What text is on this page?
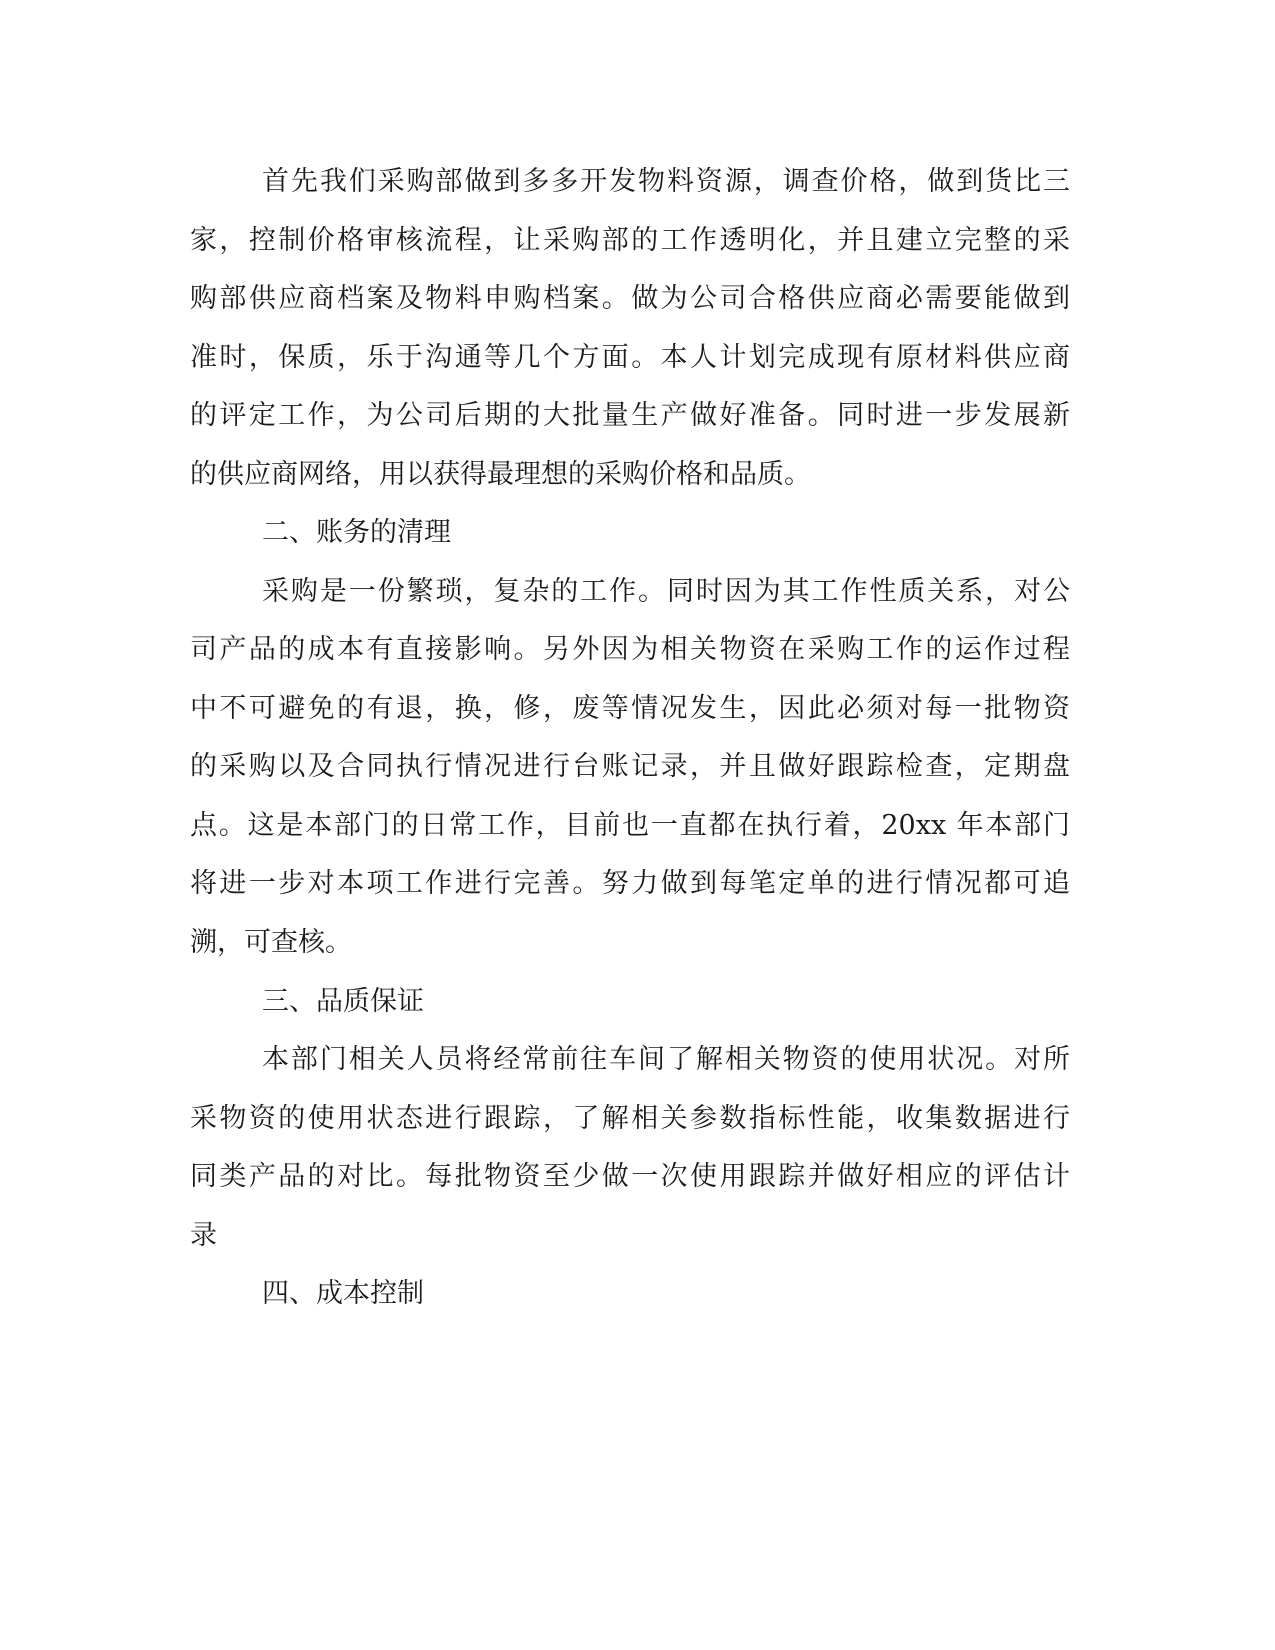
首先我们采购部做到多多开发物料资源，调查价格，做到货比三
家，控制价格审核流程，让采购部的工作透明化，并且建立完整的采
购部供应商档案及物料申购档案。做为公司合格供应商必需要能做到
准时，保质，乐于沟通等几个方面。本人计划完成现有原材料供应商
的评定工作，为公司后期的大批量生产做好准备。同时进一步发展新
的供应商网络，用以获得最理想的采购价格和品质。
二、账务的清理
采购是一份繁琐，复杂的工作。同时因为其工作性质关系，对公
司产品的成本有直接影响。另外因为相关物资在采购工作的运作过程
中不可避免的有退，换，修，废等情况发生，因此必须对每一批物资
的采购以及合同执行情况进行台账记录，并且做好跟踪检查，定期盘
点。这是本部门的日常工作，目前也一直都在执行着，20xx 年本部门
将进一步对本项工作进行完善。努力做到每笔定单的进行情况都可追
溯，可查核。
三、品质保证
本部门相关人员将经常前往车间了解相关物资的使用状况。对所
采物资的使用状态进行跟踪，了解相关参数指标性能，收集数据进行
同类产品的对比。每批物资至少做一次使用跟踪并做好相应的评估计
录
四、成本控制
